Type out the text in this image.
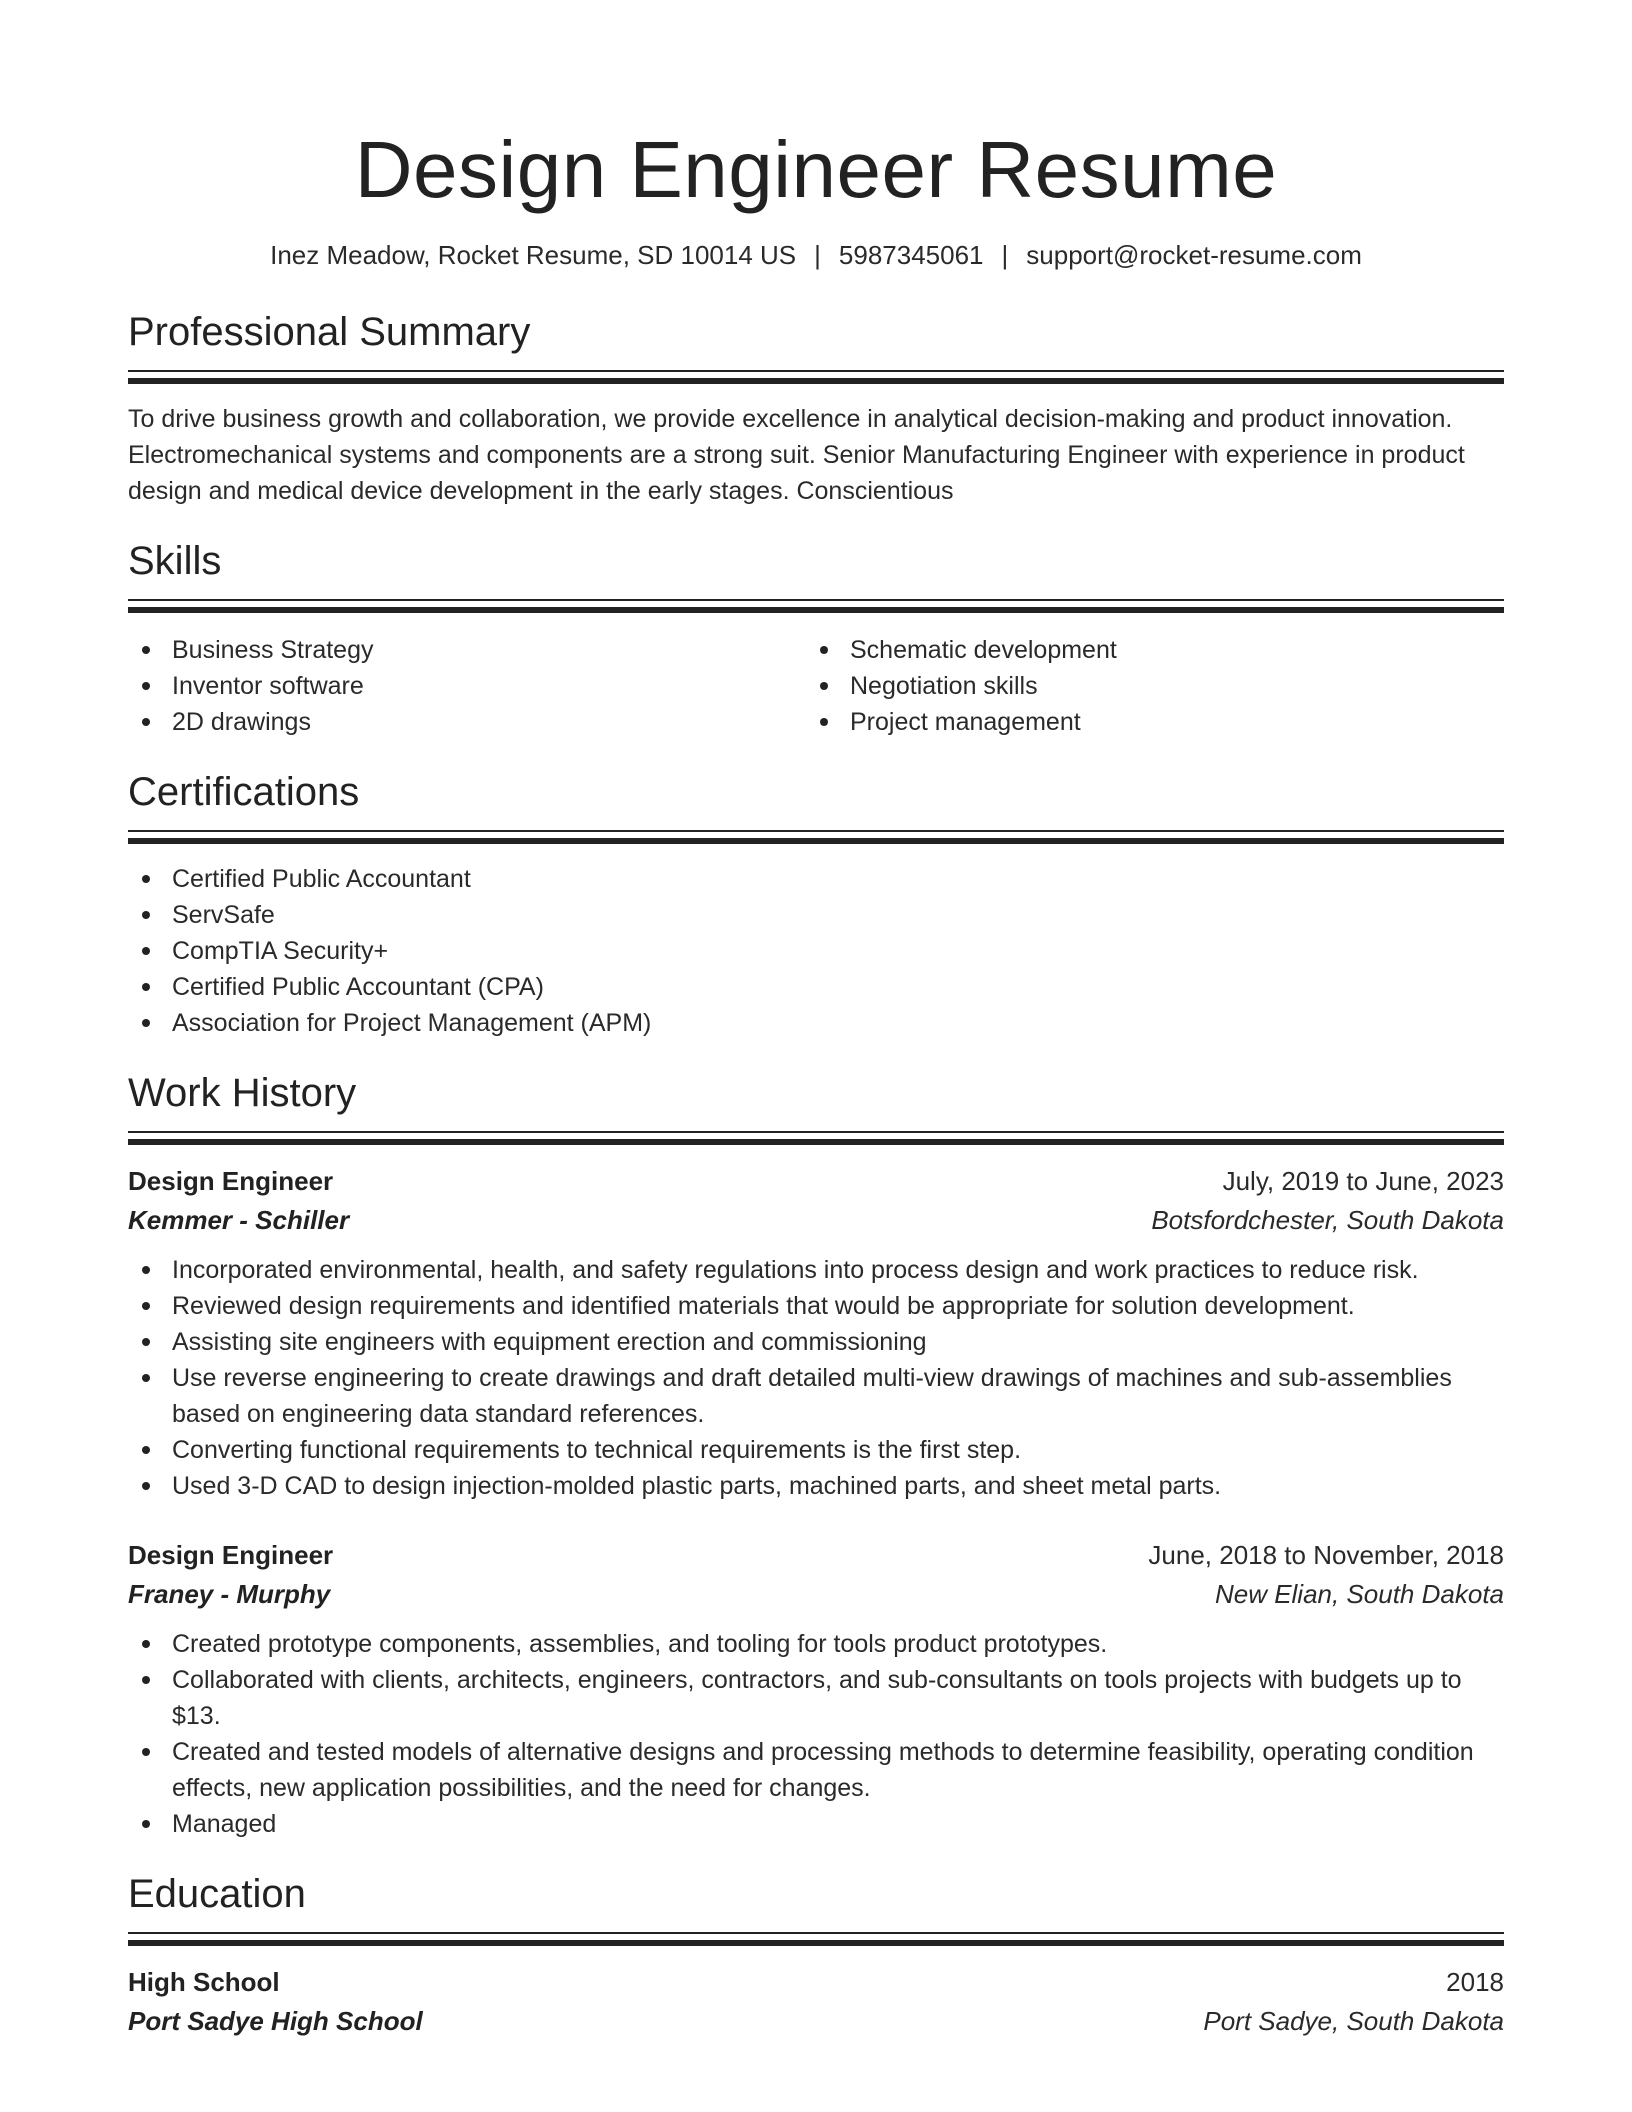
Design Engineer Resume
Inez Meadow, Rocket Resume, SD 10014 US | 5987345061 | support@rocket-resume.com
Professional Summary
To drive business growth and collaboration, we provide excellence in analytical decision-making and product innovation. Electromechanical systems and components are a strong suit. Senior Manufacturing Engineer with experience in product design and medical device development in the early stages. Conscientious
Skills
Business Strategy
Inventor software
2D drawings
Schematic development
Negotiation skills
Project management
Certifications
Certified Public Accountant
ServSafe
CompTIA Security+
Certified Public Accountant (CPA)
Association for Project Management (APM)
Work History
Design Engineer	July, 2019 to June, 2023
Kemmer - Schiller	Botsfordchester, South Dakota
Incorporated environmental, health, and safety regulations into process design and work practices to reduce risk.
Reviewed design requirements and identified materials that would be appropriate for solution development.
Assisting site engineers with equipment erection and commissioning
Use reverse engineering to create drawings and draft detailed multi-view drawings of machines and sub-assemblies based on engineering data standard references.
Converting functional requirements to technical requirements is the first step.
Used 3-D CAD to design injection-molded plastic parts, machined parts, and sheet metal parts.
Design Engineer	June, 2018 to November, 2018
Franey - Murphy	New Elian, South Dakota
Created prototype components, assemblies, and tooling for tools product prototypes.
Collaborated with clients, architects, engineers, contractors, and sub-consultants on tools projects with budgets up to $13.
Created and tested models of alternative designs and processing methods to determine feasibility, operating condition effects, new application possibilities, and the need for changes.
Managed
Education
High School	2018
Port Sadye High School	Port Sadye, South Dakota
